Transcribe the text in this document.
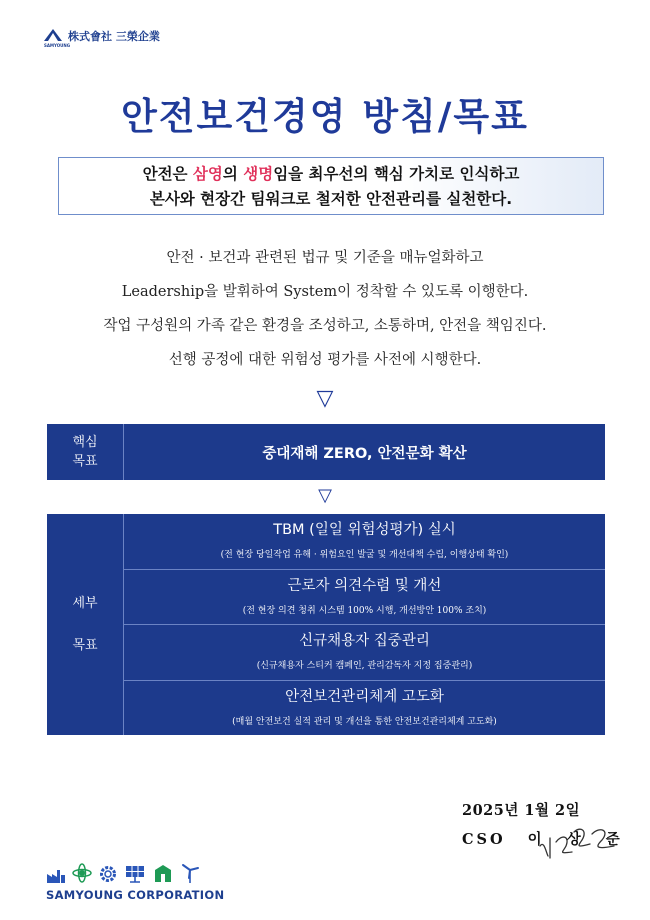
SAMYOUNG
株式會社 三榮企業
안전보건경영 방침/목표
안전은 삼영의 생명임을 최우선의 핵심 가치로 인식하고
본사와 현장간 팀워크로 철저한 안전관리를 실천한다.
안전 · 보건과 관련된 법규 및 기준을 매뉴얼화하고
Leadership을 발휘하여 System이 정착할 수 있도록 이행한다.
작업 구성원의 가족 같은 환경을 조성하고, 소통하며, 안전을 책임진다.
선행 공정에 대한 위험성 평가를 사전에 시행한다.
▽
핵심
목표	중대재해 ZERO, 안전문화 확산
▽
세부
목표
TBM (일일 위험성평가) 실시
(전 현장 당일작업 유해 · 위험요인 발굴 및 개선대책 수립, 이행상태 확인)
근로자 의견수렴 및 개선
(전 현장 의견 청취 시스템 100% 시행, 개선방안 100% 조치)
신규채용자 집중관리
(신규채용자 스티커 캠페인, 관리감독자 지정 집중관리)
안전보건관리체계 고도화
(매월 안전보건 실적 관리 및 개선을 통한 안전보건관리체계 고도화)
2025년 1월 2일
CSO 이 상 준
SAMYOUNG CORPORATION
